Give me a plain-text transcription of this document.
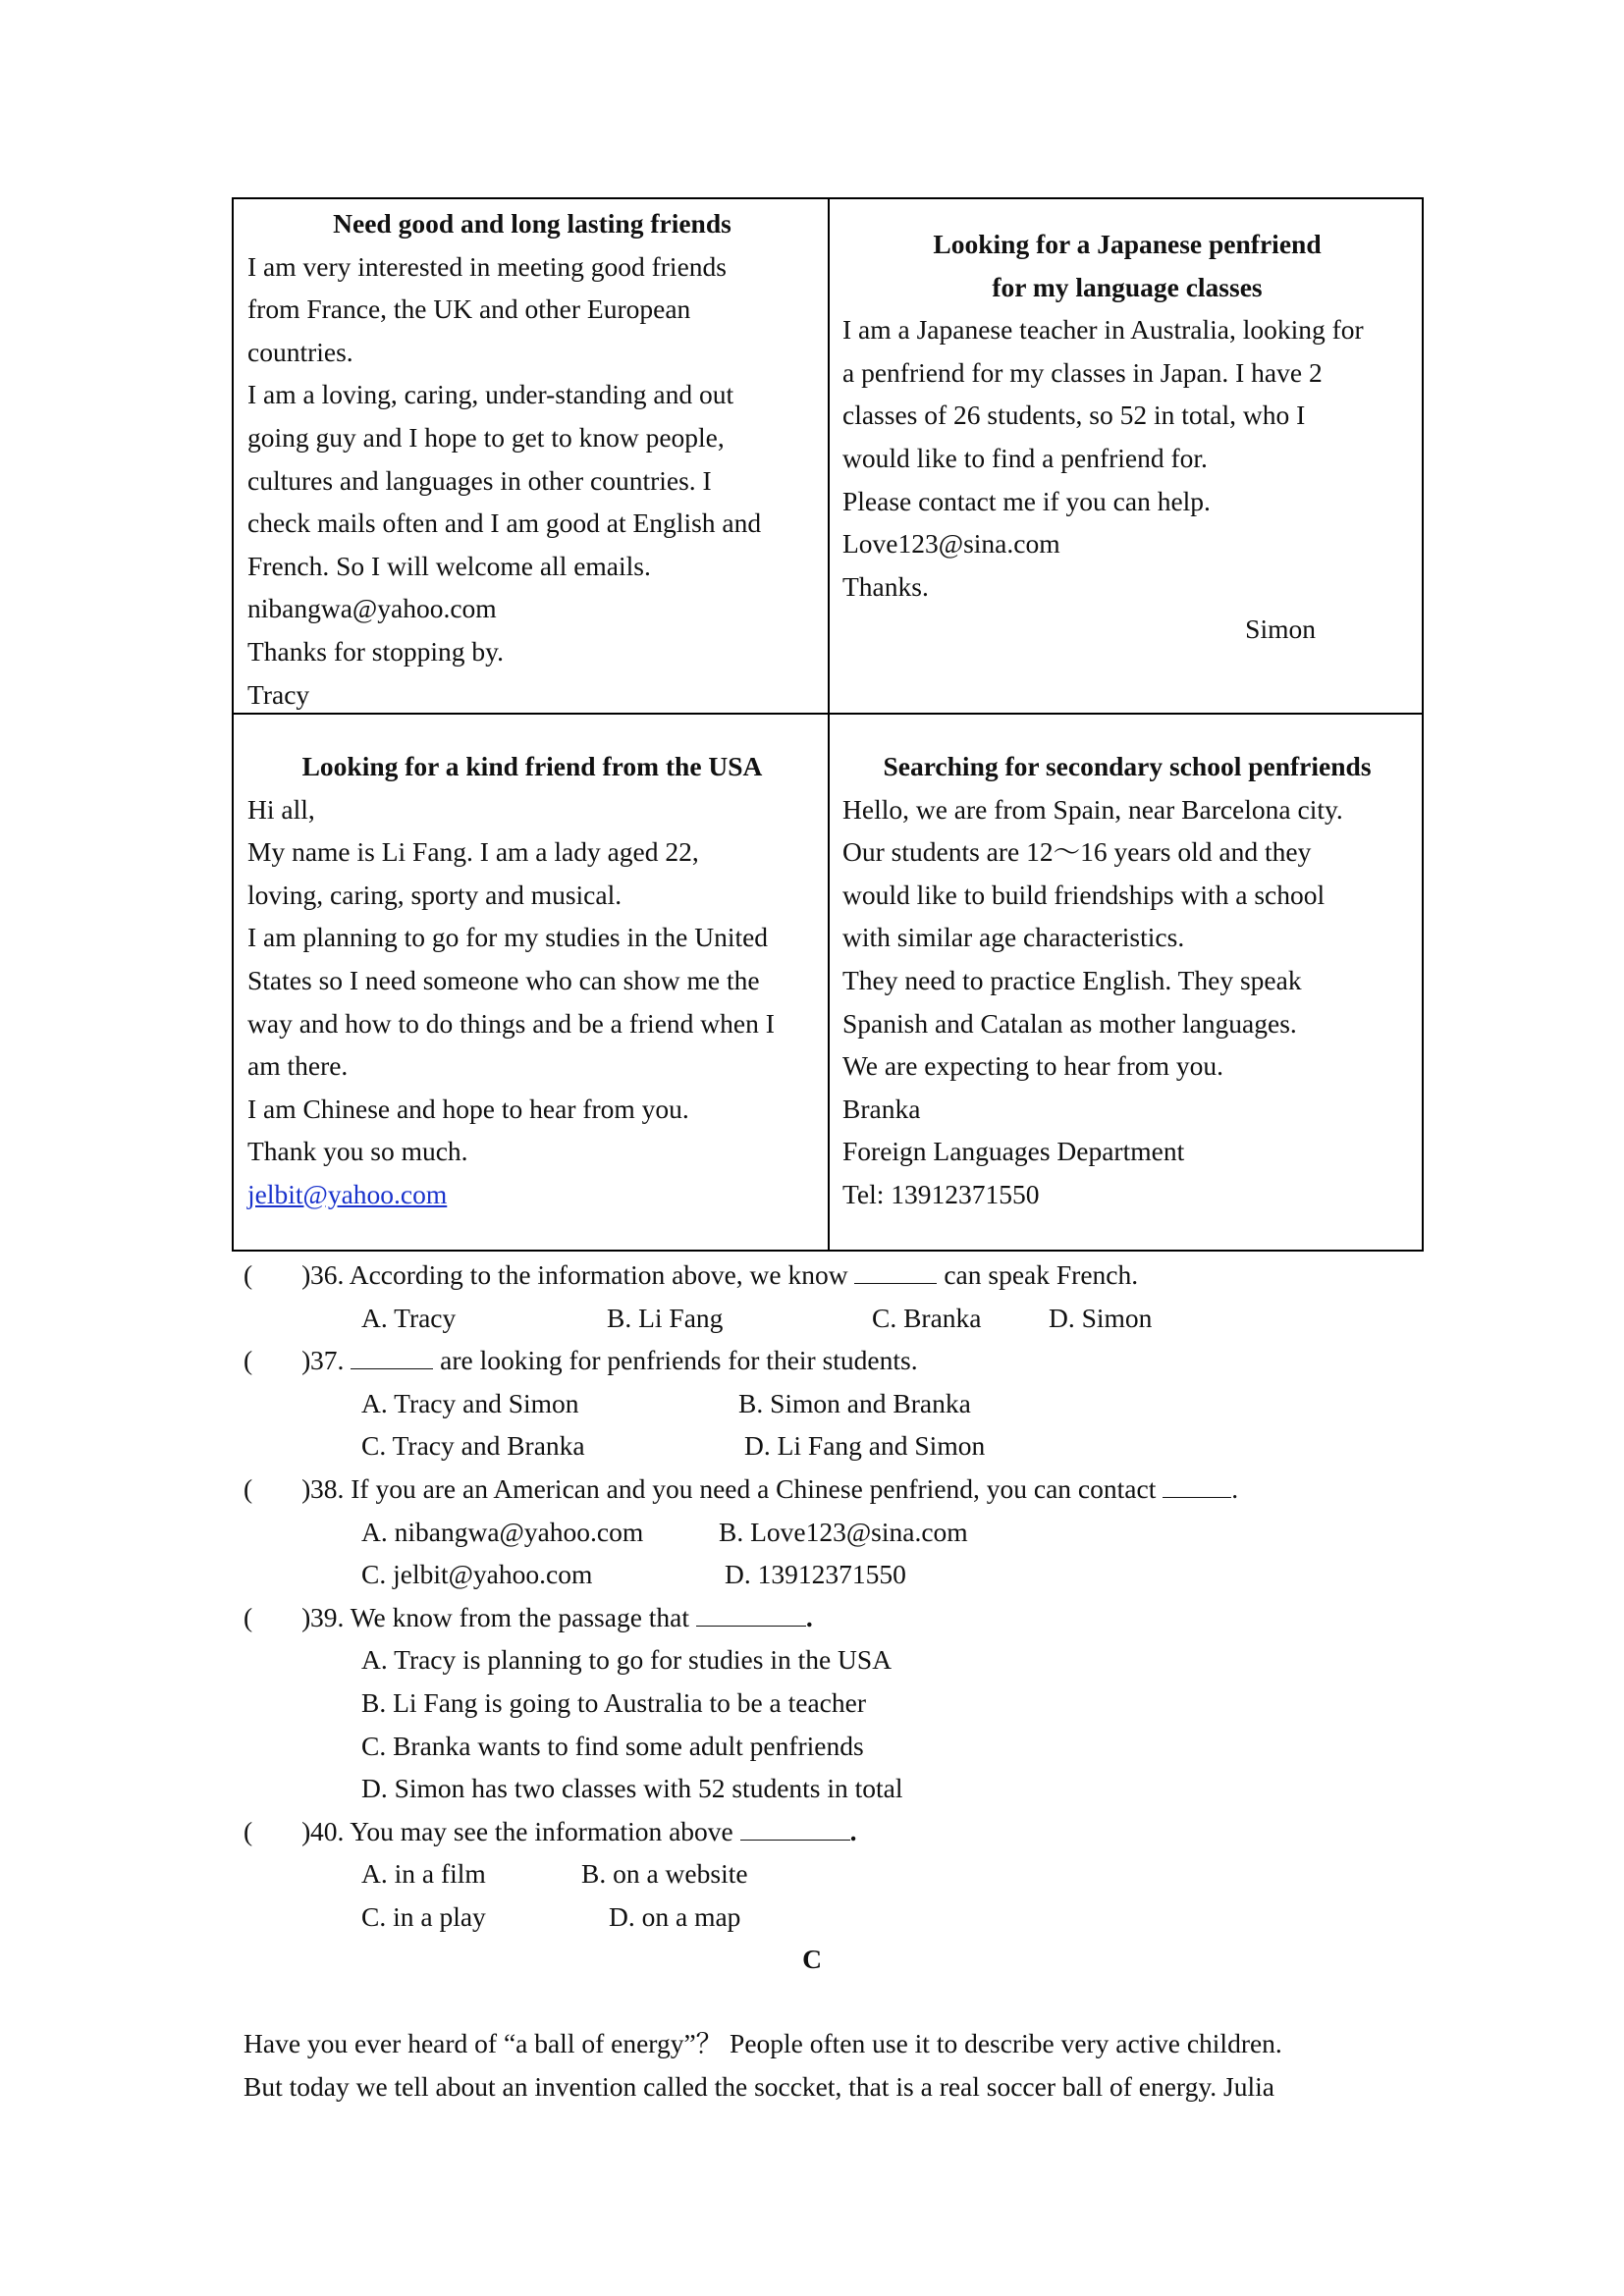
Need good and long lasting friends
I am very interested in meeting good friends
from France, the UK and other European
countries.
I am a loving, caring, under-standing and out
going guy and I hope to get to know people,
cultures and languages in other countries. I
check mails often and I am good at English and
French. So I will welcome all emails.
nibangwa@yahoo.com
Thanks for stopping by.
Tracy
Looking for a Japanese penfriend
for my language classes
I am a Japanese teacher in Australia, looking for
a penfriend for my classes in Japan. I have 2
classes of 26 students, so 52 in total, who I
would like to find a penfriend for.
Please contact me if you can help.
Love123@sina.com
Thanks.
Simon
Looking for a kind friend from the USA
Hi all,
My name is Li Fang. I am a lady aged 22,
loving, caring, sporty and musical.
I am planning to go for my studies in the United
States so I need someone who can show me the
way and how to do things and be a friend when I
am there.
I am Chinese and hope to hear from you.
Thank you so much.
jelbit@yahoo.com
Searching for secondary school penfriends
Hello, we are from Spain, near Barcelona city.
Our students are 12～16 years old and they
would like to build friendships with a school
with similar age characteristics.
They need to practice English. They speak
Spanish and Catalan as mother languages.
We are expecting to hear from you.
Branka
Foreign Languages Department
Tel: 13912371550
( )36. According to the information above, we know	can speak French.
A. Tracy	B. Li Fang	C. Branka D. Simon
( )37.	are looking for penfriends for their students.
A. Tracy and Simon	B. Simon and Branka
C. Tracy and Branka	D. Li Fang and Simon
( )38. If you are an American and you need a Chinese penfriend, you can contact	.
A. nibangwa@yahoo.com	B. Love123@sina.com
C. jelbit@yahoo.com	D. 13912371550
( )39. We know from the passage that	.
A. Tracy is planning to go for studies in the USA
B. Li Fang is going to Australia to be a teacher
C. Branka wants to find some adult penfriends
D. Simon has two classes with 52 students in total
( )40. You may see the information above	.
A. in a film	B. on a website
C. in a play	D. on a map
C
Have you ever heard of “a ball of energy”？ People often use it to describe very active children.
But today we tell about an invention called the soccket, that is a real soccer ball of energy. Julia
